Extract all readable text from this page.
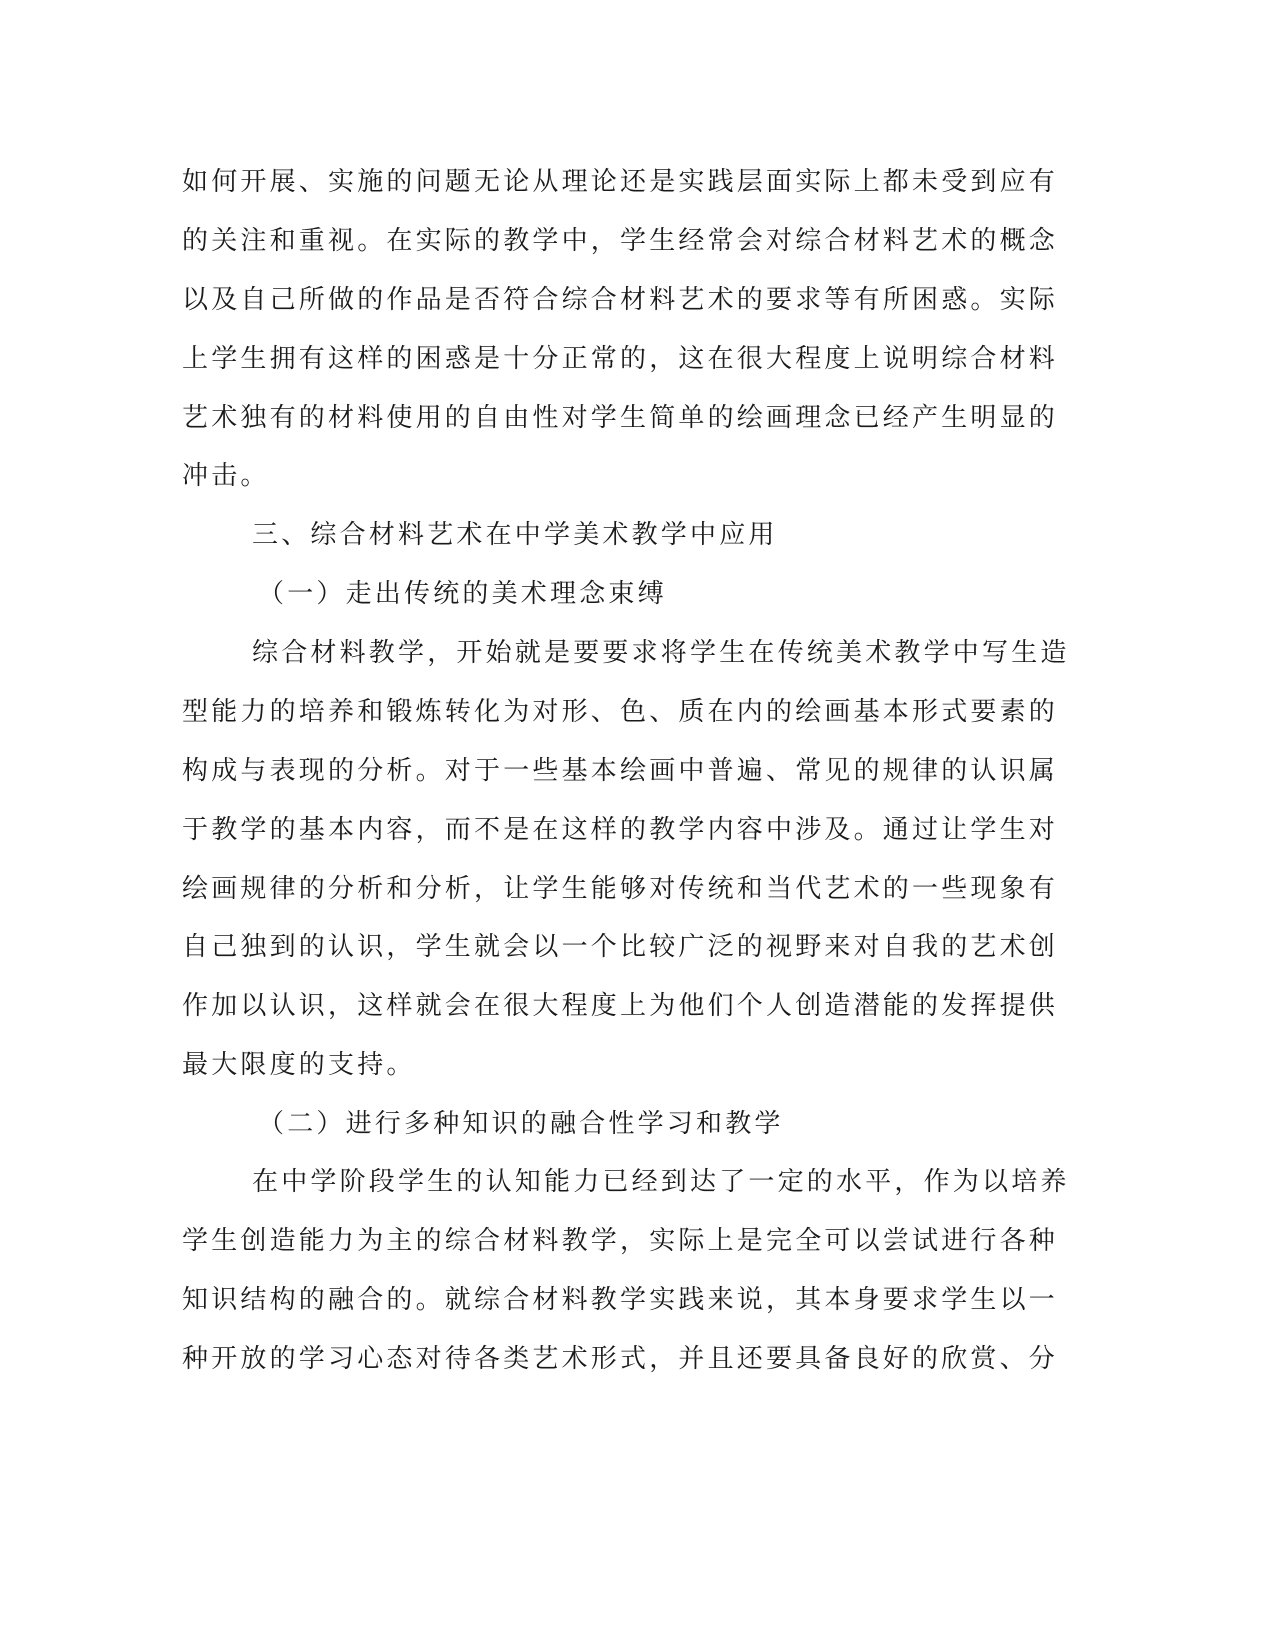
如何开展、实施的问题无论从理论还是实践层面实际上都未受到应有
的关注和重视。在实际的教学中，学生经常会对综合材料艺术的概念
以及自己所做的作品是否符合综合材料艺术的要求等有所困惑。实际
上学生拥有这样的困惑是十分正常的，这在很大程度上说明综合材料
艺术独有的材料使用的自由性对学生简单的绘画理念已经产生明显的
冲击。
三、综合材料艺术在中学美术教学中应用
（一）走出传统的美术理念束缚
综合材料教学，开始就是要要求将学生在传统美术教学中写生造
型能力的培养和锻炼转化为对形、色、质在内的绘画基本形式要素的
构成与表现的分析。对于一些基本绘画中普遍、常见的规律的认识属
于教学的基本内容，而不是在这样的教学内容中涉及。通过让学生对
绘画规律的分析和分析，让学生能够对传统和当代艺术的一些现象有
自己独到的认识，学生就会以一个比较广泛的视野来对自我的艺术创
作加以认识，这样就会在很大程度上为他们个人创造潜能的发挥提供
最大限度的支持。
（二）进行多种知识的融合性学习和教学
在中学阶段学生的认知能力已经到达了一定的水平，作为以培养
学生创造能力为主的综合材料教学，实际上是完全可以尝试进行各种
知识结构的融合的。就综合材料教学实践来说，其本身要求学生以一
种开放的学习心态对待各类艺术形式，并且还要具备良好的欣赏、分
